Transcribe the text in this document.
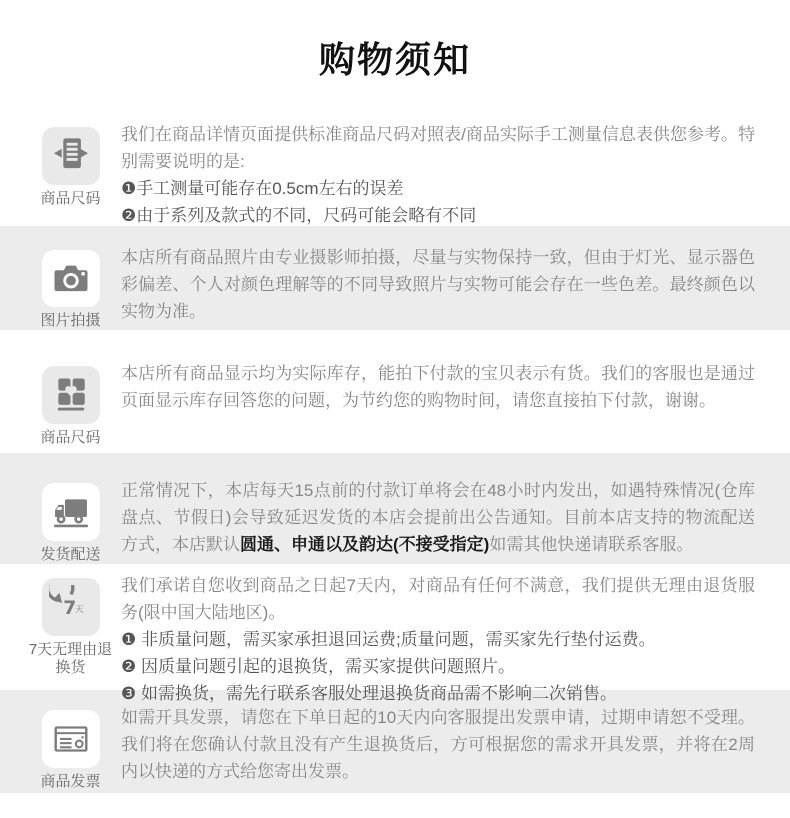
购物须知
商品尺码
我们在商品详情页面提供标准商品尺码对照表/商品实际手工测量信息表供您参考。特别需要说明的是:
❶手工测量可能存在0.5cm左右的误差
❷由于系列及款式的不同，尺码可能会略有不同
图片拍摄
本店所有商品照片由专业摄影师拍摄，尽量与实物保持一致，但由于灯光、显示器色彩偏差、个人对颜色理解等的不同导致照片与实物可能会存在一些色差。最终颜色以实物为准。
商品尺码
本店所有商品显示均为实际库存，能拍下付款的宝贝表示有货。我们的客服也是通过页面显示库存回答您的问题，为节约您的购物时间，请您直接拍下付款，谢谢。
发货配送
正常情况下，本店每天15点前的付款订单将会在48小时内发出，如遇特殊情况(仓库盘点、节假日)会导致延迟发货的本店会提前出公告通知。目前本店支持的物流配送方式，本店默认圆通、申通以及韵达(不接受指定)如需其他快递请联系客服。
7
天
7天无理由退换货
我们承诺自您收到商品之日起7天内，对商品有任何不满意，我们提供无理由退货服务(限中国大陆地区)。
❶ 非质量问题，需买家承担退回运费;质量问题，需买家先行垫付运费。
❷ 因质量问题引起的退换货，需买家提供问题照片。
❸ 如需换货，需先行联系客服处理退换货商品需不影响二次销售。
商品发票
如需开具发票，请您在下单日起的10天内向客服提出发票申请，过期申请恕不受理。我们将在您确认付款且没有产生退换货后，方可根据您的需求开具发票，并将在2周内以快递的方式给您寄出发票。
